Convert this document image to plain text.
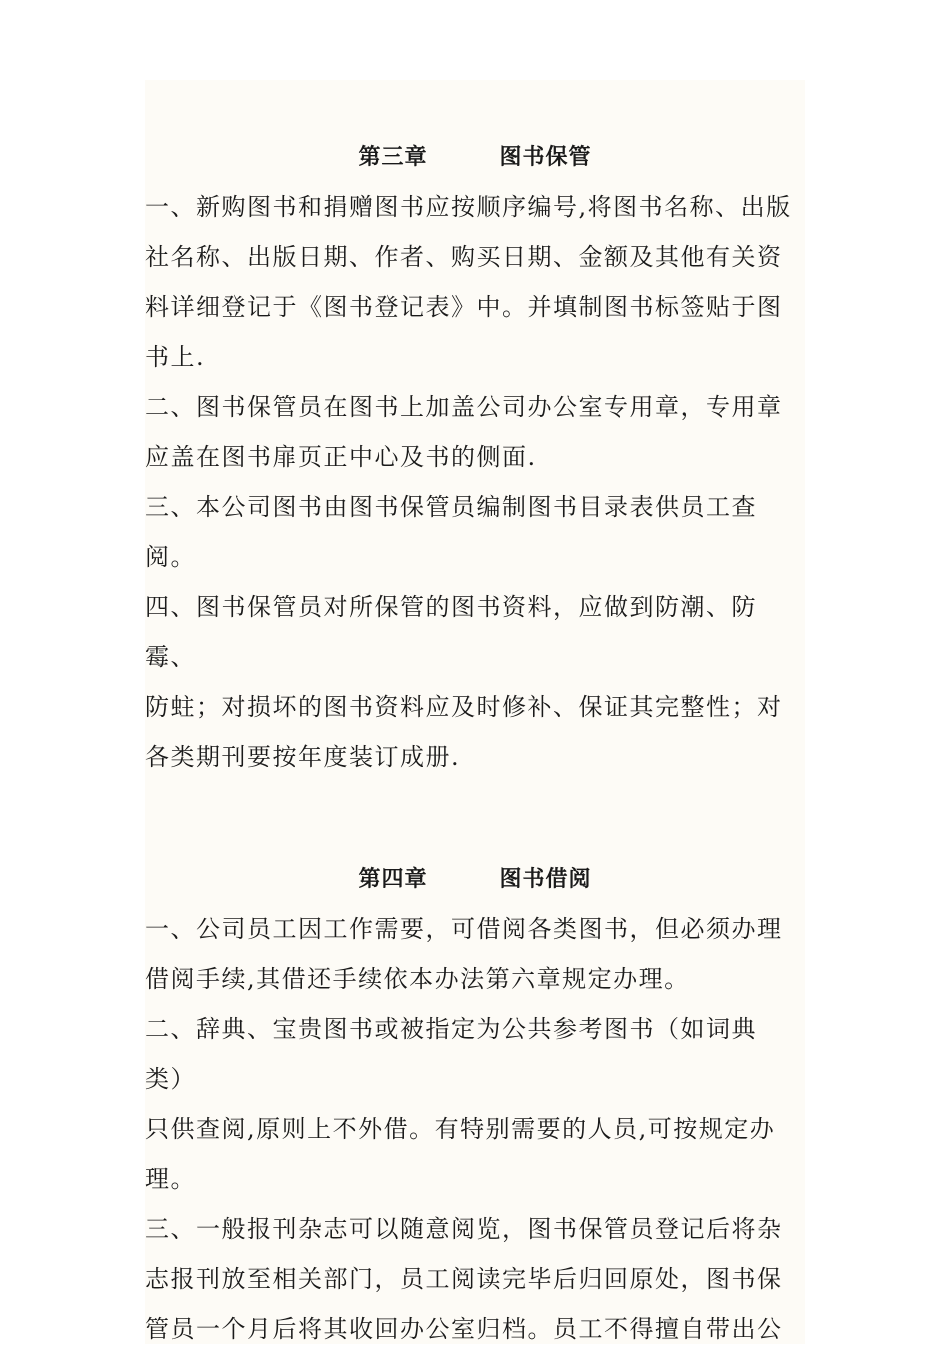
第三章	图书保管

一、新购图书和捐赠图书应按顺序编号,将图书名称、出版
社名称、出版日期、作者、购买日期、金额及其他有关资
料详细登记于《图书登记表》中。并填制图书标签贴于图
书上.

二、图书保管员在图书上加盖公司办公室专用章，专用章
应盖在图书扉页正中心及书的侧面.

三、本公司图书由图书保管员编制图书目录表供员工查阅。

四、图书保管员对所保管的图书资料，应做到防潮、防霉、
防蛀；对损坏的图书资料应及时修补、保证其完整性；对
各类期刊要按年度装订成册.

第四章	图书借阅

一、公司员工因工作需要，可借阅各类图书，但必须办理
借阅手续,其借还手续依本办法第六章规定办理。

二、辞典、宝贵图书或被指定为公共参考图书（如词典类）
只供查阅,原则上不外借。有特别需要的人员,可按规定办
理。

三、一般报刊杂志可以随意阅览，图书保管员登记后将杂
志报刊放至相关部门，员工阅读完毕后归回原处，图书保
管员一个月后将其收回办公室归档。员工不得擅自带出公
